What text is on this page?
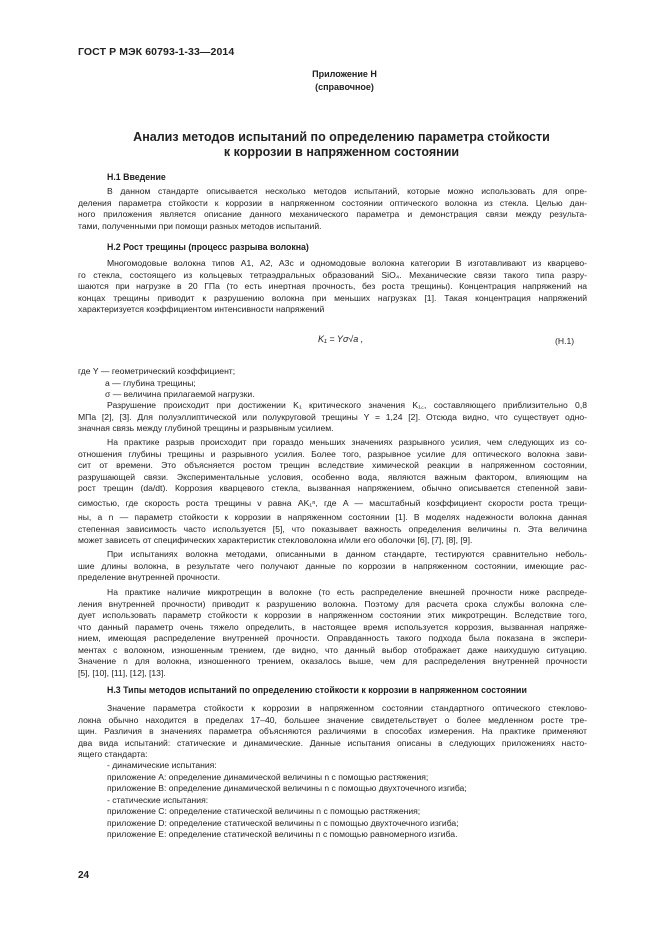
ГОСТ Р МЭК 60793-1-33—2014
Приложение Н
(справочное)
Анализ методов испытаний по определению параметра стойкости
к коррозии в напряженном состоянии
Н.1 Введение
В данном стандарте описывается несколько методов испытаний, которые можно использовать для опре-
деления параметра стойкости к коррозии в напряженном состоянии оптического волокна из стекла. Целью дан-
ного приложения является описание данного механического параметра и демонстрация связи между результа-
тами, полученными при помощи разных методов испытаний.
Н.2 Рост трещины (процесс разрыва волокна)
Многомодовые волокна типов А1, А2, А3с и одномодовые волокна категории В изготавливают из кварцево-
го стекла, состоящего из кольцевых тетраэдральных образований SiO₄. Механические связи такого типа разру-
шаются при нагрузке в 20 ГПа (то есть инертная прочность, без роста трещины). Концентрация напряжений на
концах трещины приводит к разрушению волокна при меньших нагрузках [1]. Такая концентрация напряжений
характеризуется коэффициентом интенсивности напряжений
K₁ = Yσ√a ,	(Н.1)
где Y — геометрический коэффициент;
a — глубина трещины;
σ — величина прилагаемой нагрузки.
Разрушение происходит при достижении K₁ критического значения K₁꜀, составляющего приблизительно 0,8
МПа [2], [3]. Для полуэллиптической или полукруговой трещины Y = 1,24 [2]. Отсюда видно, что существует одно-
значная связь между глубиной трещины и разрывным усилием.
На практике разрыв происходит при гораздо меньших значениях разрывного усилия, чем следующих из со-
отношения глубины трещины и разрывного усилия. Более того, разрывное усилие для оптического волокна зави-
сит от времени. Это объясняется ростом трещин вследствие химической реакции в напряженном состоянии,
разрушающей связи. Экспериментальные условия, особенно вода, являются важным фактором, влияющим на
рост трещин (da/dt). Коррозия кварцевого стекла, вызванная напряжением, обычно описывается степенной зави-
симостью, где скорость роста трещины v равна AK₁ⁿ, где A — масштабный коэффициент скорости роста трещи-
ны, а n — параметр стойкости к коррозии в напряженном состоянии [1]. В моделях надежности волокна данная
степенная зависимость часто используется [5], что показывает важность определения величины n. Эта величина
может зависеть от специфических характеристик стекловолокна и/или его оболочки [6], [7], [8], [9].
При испытаниях волокна методами, описанными в данном стандарте, тестируются сравнительно неболь-
шие длины волокна, в результате чего получают данные по коррозии в напряженном состоянии, имеющие рас-
пределение внутренней прочности.
На практике наличие микротрещин в волокне (то есть распределение внешней прочности ниже распреде-
ления внутренней прочности) приводит к разрушению волокна. Поэтому для расчета срока службы волокна сле-
дует использовать параметр стойкости к коррозии в напряженном состоянии этих микротрещин. Вследствие того,
что данный параметр очень тяжело определить, в настоящее время используется коррозия, вызванная напряже-
нием, имеющая распределение внутренней прочности. Оправданность такого подхода была показана в экспери-
ментах с волокном, изношенным трением, где видно, что данный выбор отображает даже наихудшую ситуацию.
Значение n для волокна, изношенного трением, оказалось выше, чем для распределения внутренней прочности
[5], [10], [11], [12], [13].
Н.3 Типы методов испытаний по определению стойкости к коррозии в напряженном состоянии
Значение параметра стойкости к коррозии в напряженном состоянии стандартного оптического стеклово-
локна обычно находится в пределах 17–40, большее значение свидетельствует о более медленном росте тре-
щин. Различия в значениях параметра объясняются различиями в способах измерения. На практике применяют
два вида испытаний: статические и динамические. Данные испытания описаны в следующих приложениях насто-
ящего стандарта:
- динамические испытания:
приложение А: определение динамической величины n с помощью растяжения;
приложение В: определение динамической величины n с помощью двухточечного изгиба;
- статические испытания:
приложение С: определение статической величины n с помощью растяжения;
приложение D: определение статической величины n с помощью двухточечного изгиба;
приложение Е: определение статической величины n с помощью равномерного изгиба.
24
